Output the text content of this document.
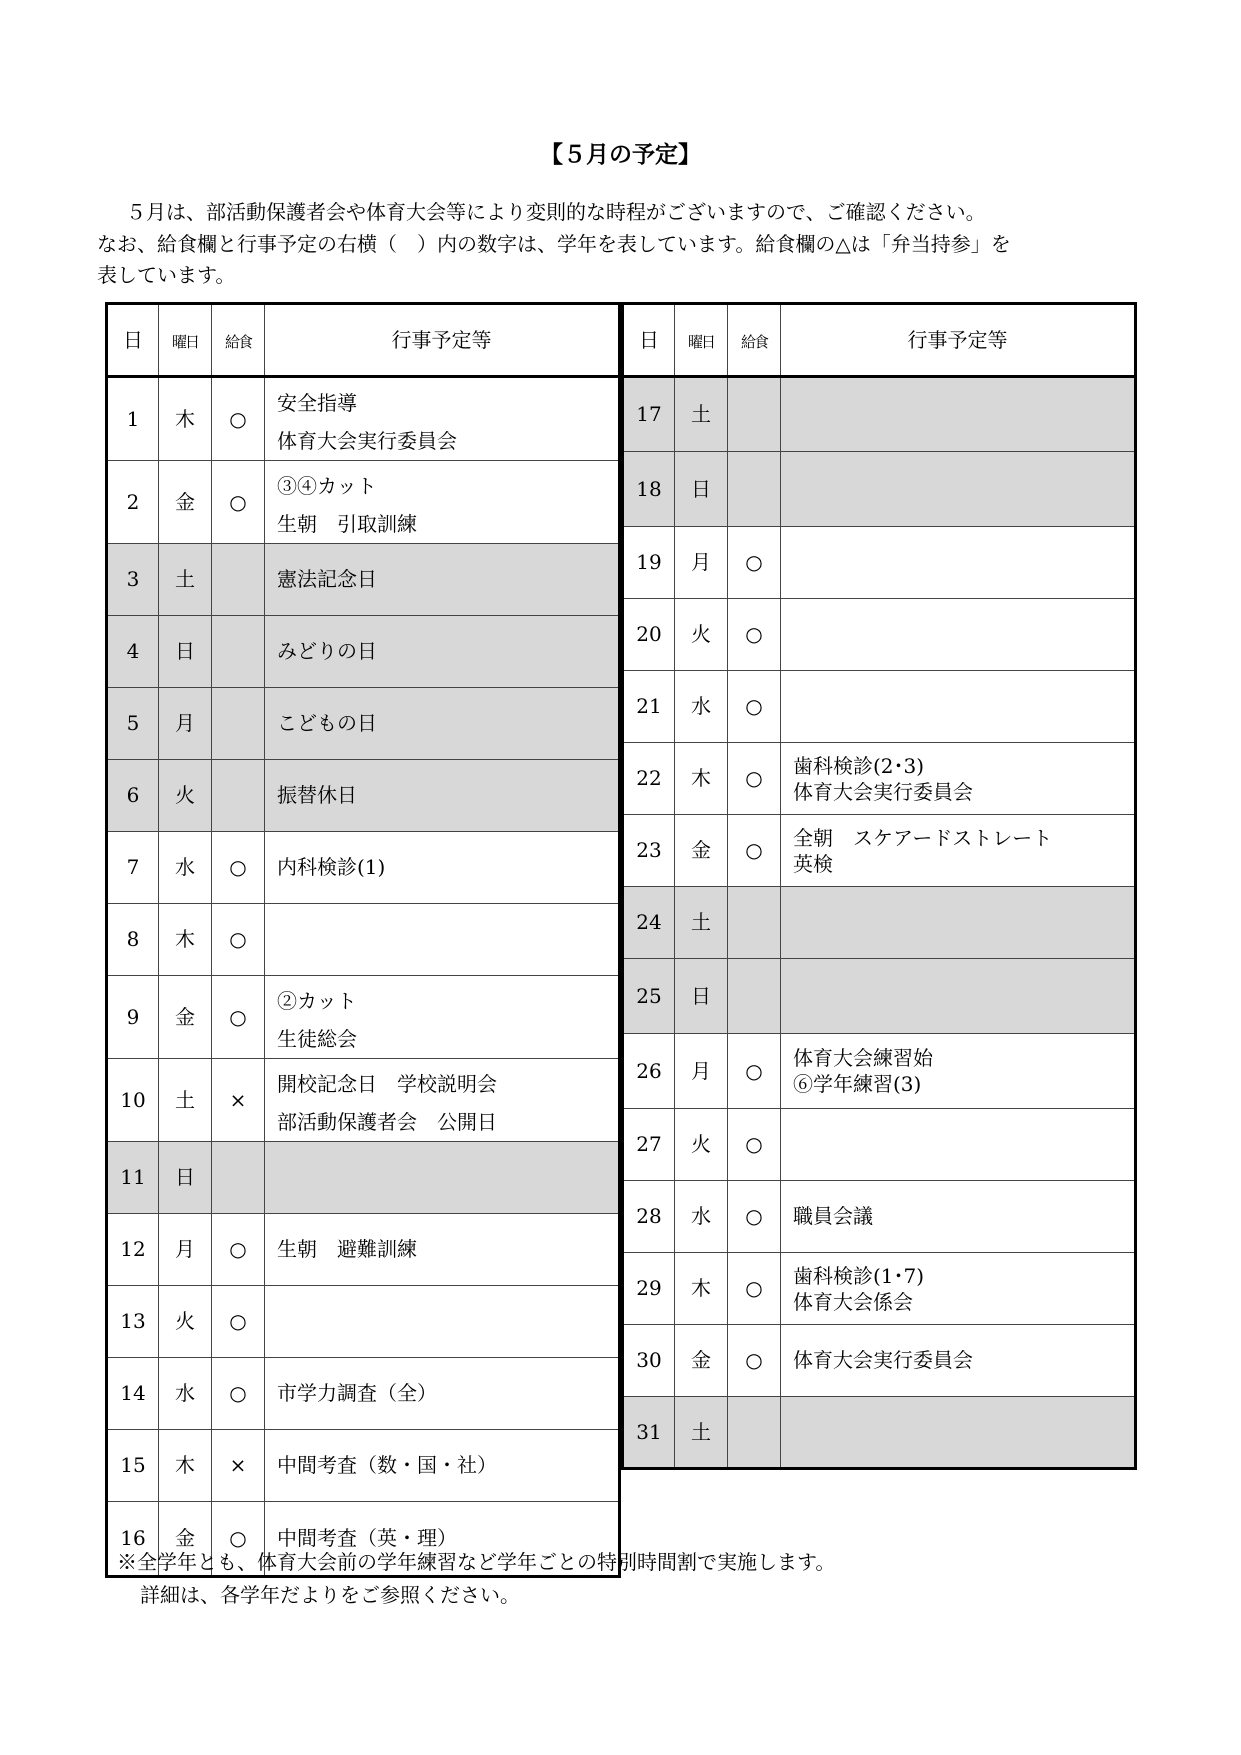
【５月の予定】
５月は、部活動保護者会や体育大会等により変則的な時程がございますので、ご確認ください。
なお、給食欄と行事予定の右横（　）内の数字は、学年を表しています。給食欄の△は「弁当持参」を
表しています。
日	曜日	給食	行事予定等
1	木	○	安全指導
体育大会実行委員会

2	金	○	③④カット
生朝　引取訓練

3	土		憲法記念日

4	日		みどりの日

5	月		こどもの日

6	火		振替休日

7	水	○	内科検診(1)

8	木	○	
9	金	○	②カット
生徒総会

10	土	×	開校記念日　学校説明会
部活動保護者会　公開日

11	日		
12	月	○	生朝　避難訓練

13	火	○	
14	水	○	市学力調査（全）

15	木	×	中間考査（数・国・社）

16	金	○	中間考査（英・理）
日	曜日	給食	行事予定等
17	土		
18	日		
19	月	○	
20	火	○	
21	水	○	
22	木	○	歯科検診(2･3)
体育大会実行委員会

23	金	○	全朝　スケアードストレート
英検

24	土		
25	日		
26	月	○	体育大会練習始
⑥学年練習(3)

27	火	○	
28	水	○	職員会議

29	木	○	歯科検診(1･7)
体育大会係会

30	金	○	体育大会実行委員会

31	土		
※全学年とも、体育大会前の学年練習など学年ごとの特別時間割で実施します。
詳細は、各学年だよりをご参照ください。
